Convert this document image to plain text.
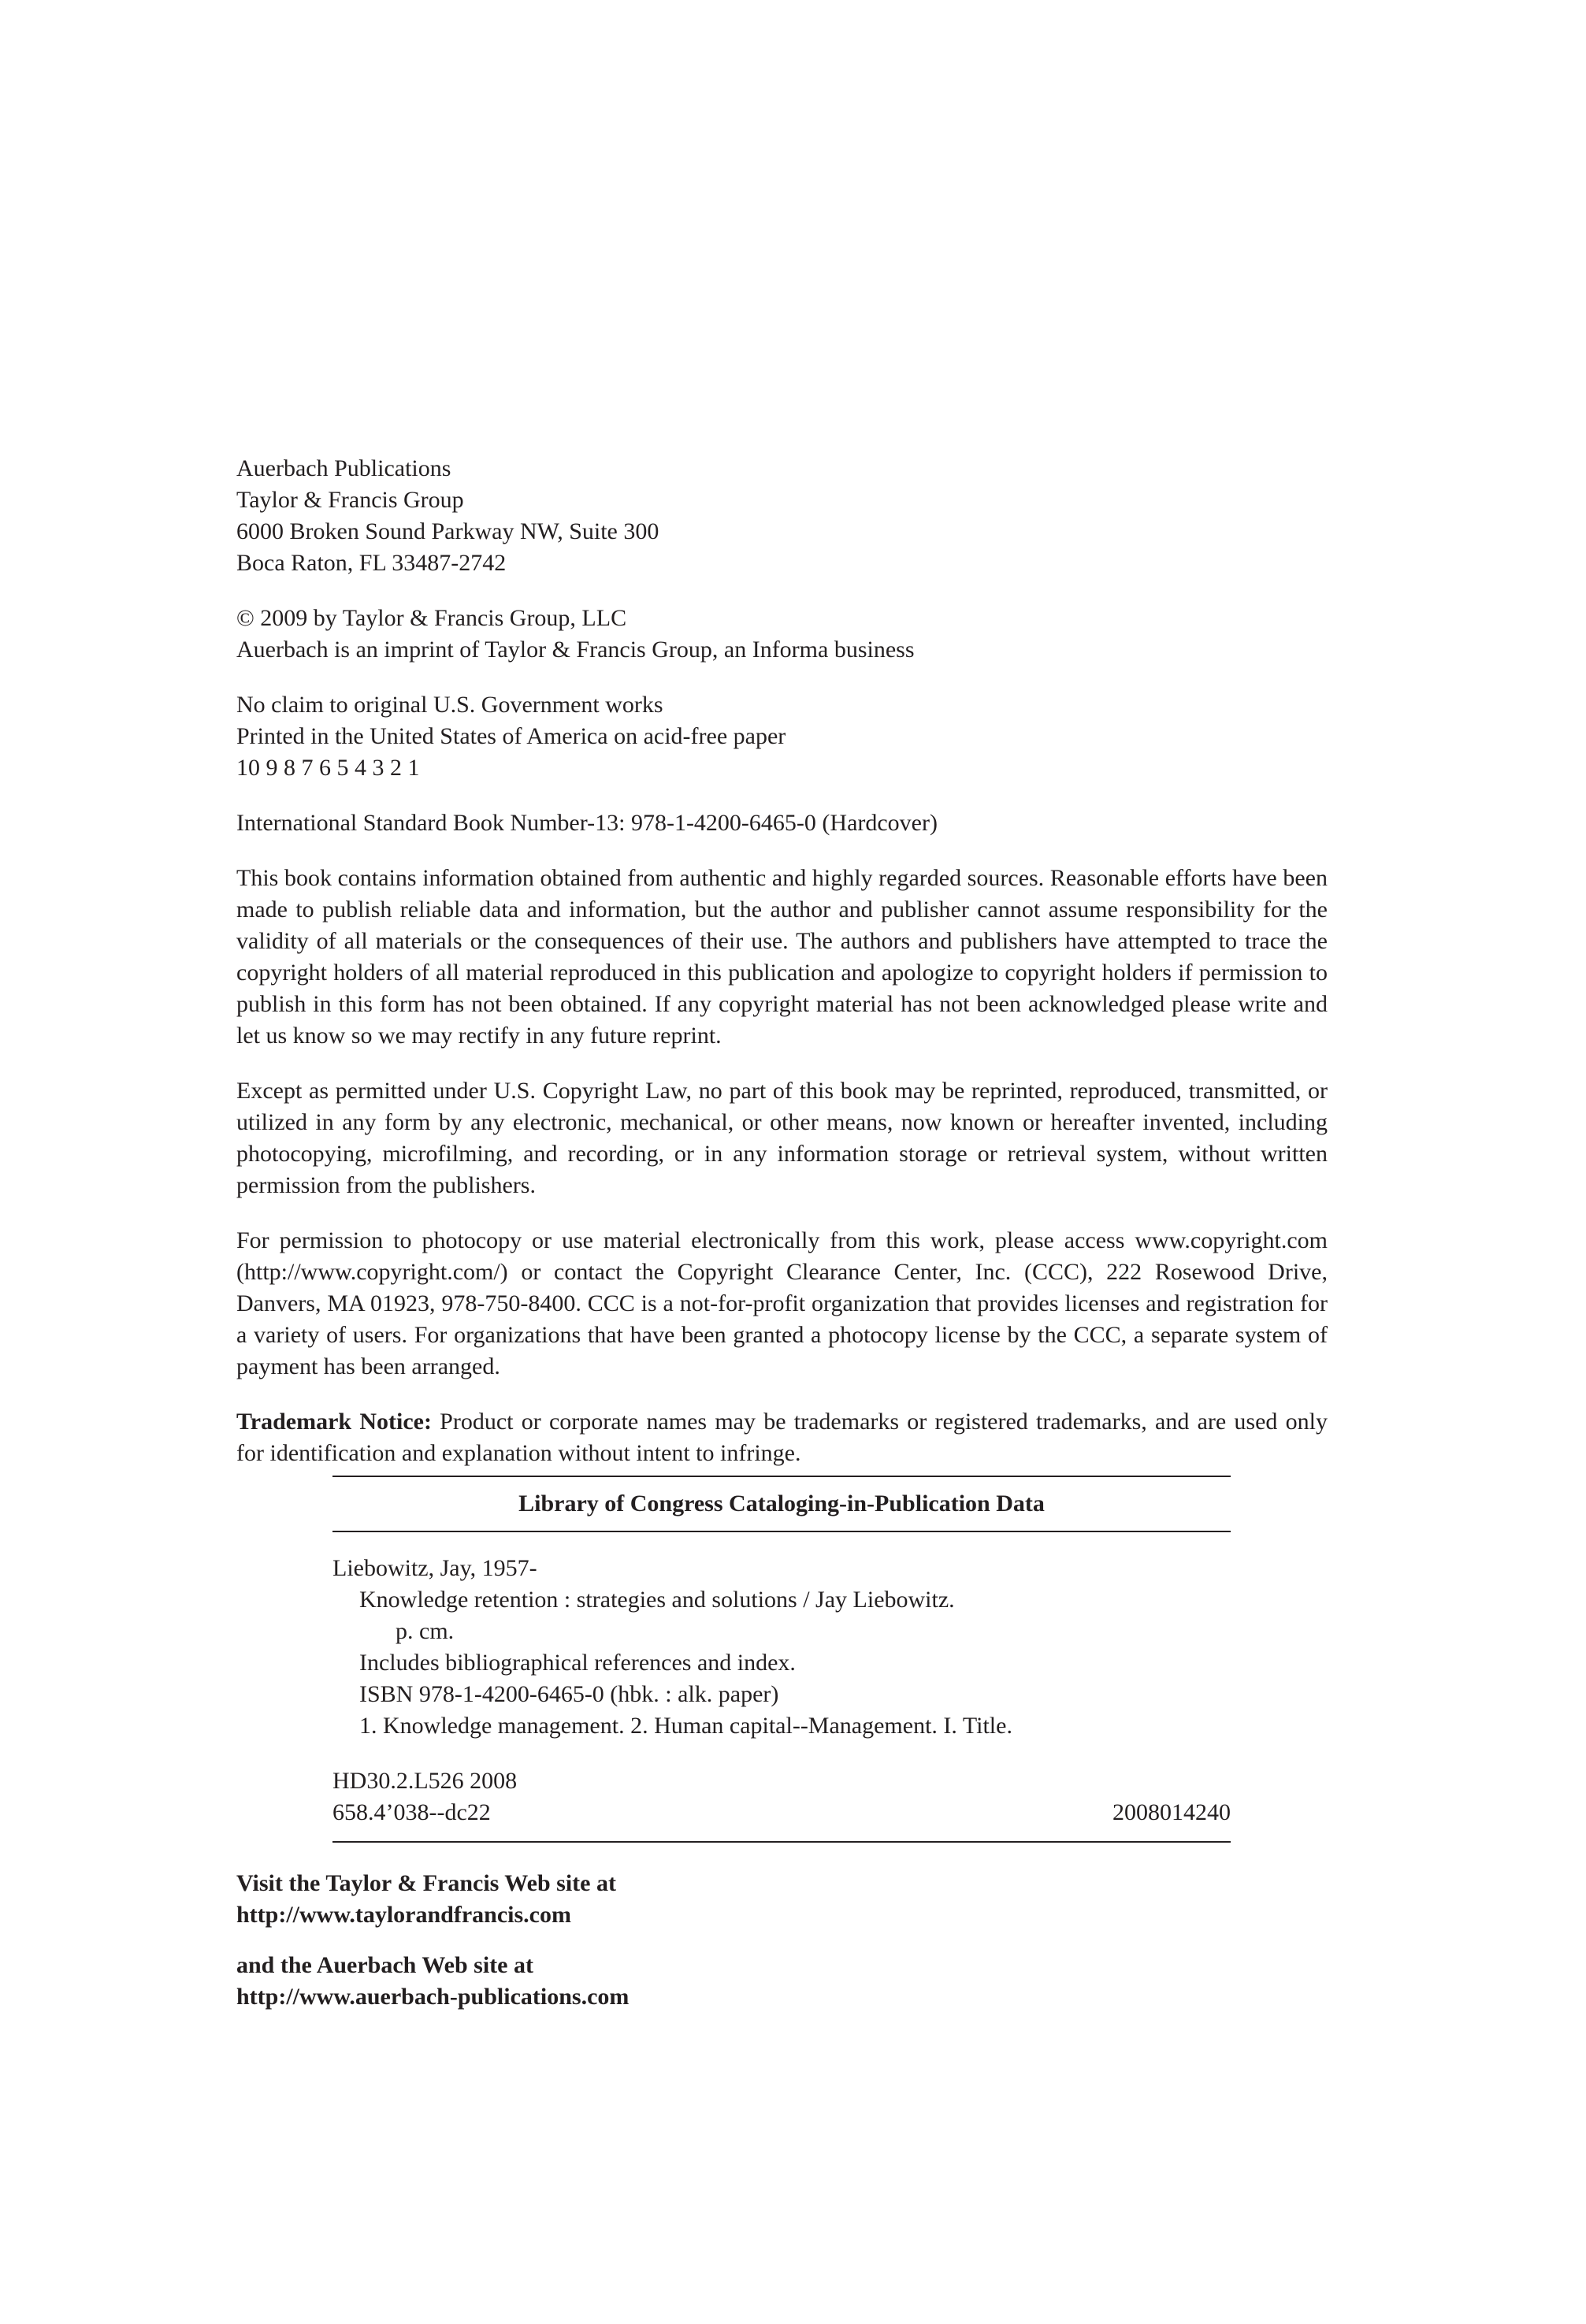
Auerbach Publications
Taylor & Francis Group
6000 Broken Sound Parkway NW, Suite 300
Boca Raton, FL 33487-2742
© 2009 by Taylor & Francis Group, LLC
Auerbach is an imprint of Taylor & Francis Group, an Informa business
No claim to original U.S. Government works
Printed in the United States of America on acid-free paper
10 9 8 7 6 5 4 3 2 1

International Standard Book Number-13: 978-1-4200-6465-0 (Hardcover)

This book contains information obtained from authentic and highly regarded sources. Reasonable efforts have been made to publish reliable data and information, but the author and publisher cannot assume responsibility for the validity of all materials or the consequences of their use. The authors and publishers have attempted to trace the copyright holders of all material reproduced in this publication and apologize to copyright holders if permission to publish in this form has not been obtained. If any copyright material has not been acknowledged please write and let us know so we may rectify in any future reprint.

Except as permitted under U.S. Copyright Law, no part of this book may be reprinted, reproduced, transmitted, or utilized in any form by any electronic, mechanical, or other means, now known or hereafter invented, including photocopying, microfilming, and recording, or in any information storage or retrieval system, without written permission from the publishers.

For permission to photocopy or use material electronically from this work, please access www.copyright.com (http://www.copyright.com/) or contact the Copyright Clearance Center, Inc. (CCC), 222 Rosewood Drive, Danvers, MA 01923, 978-750-8400. CCC is a not-for-profit organization that provides licenses and registration for a variety of users. For organizations that have been granted a photocopy license by the CCC, a separate system of payment has been arranged.

Trademark Notice: Product or corporate names may be trademarks or registered trademarks, and are used only for identification and explanation without intent to infringe.

Library of Congress Cataloging-in-Publication Data
Liebowitz, Jay, 1957-
Knowledge retention : strategies and solutions / Jay Liebowitz.
p. cm.
Includes bibliographical references and index.
ISBN 978-1-4200-6465-0 (hbk. : alk. paper)
1. Knowledge management. 2. Human capital--Management. I. Title.
HD30.2.L526 2008
658.4’038--dc22	2008014240
Visit the Taylor & Francis Web site at
http://www.taylorandfrancis.com
and the Auerbach Web site at
http://www.auerbach-publications.com
